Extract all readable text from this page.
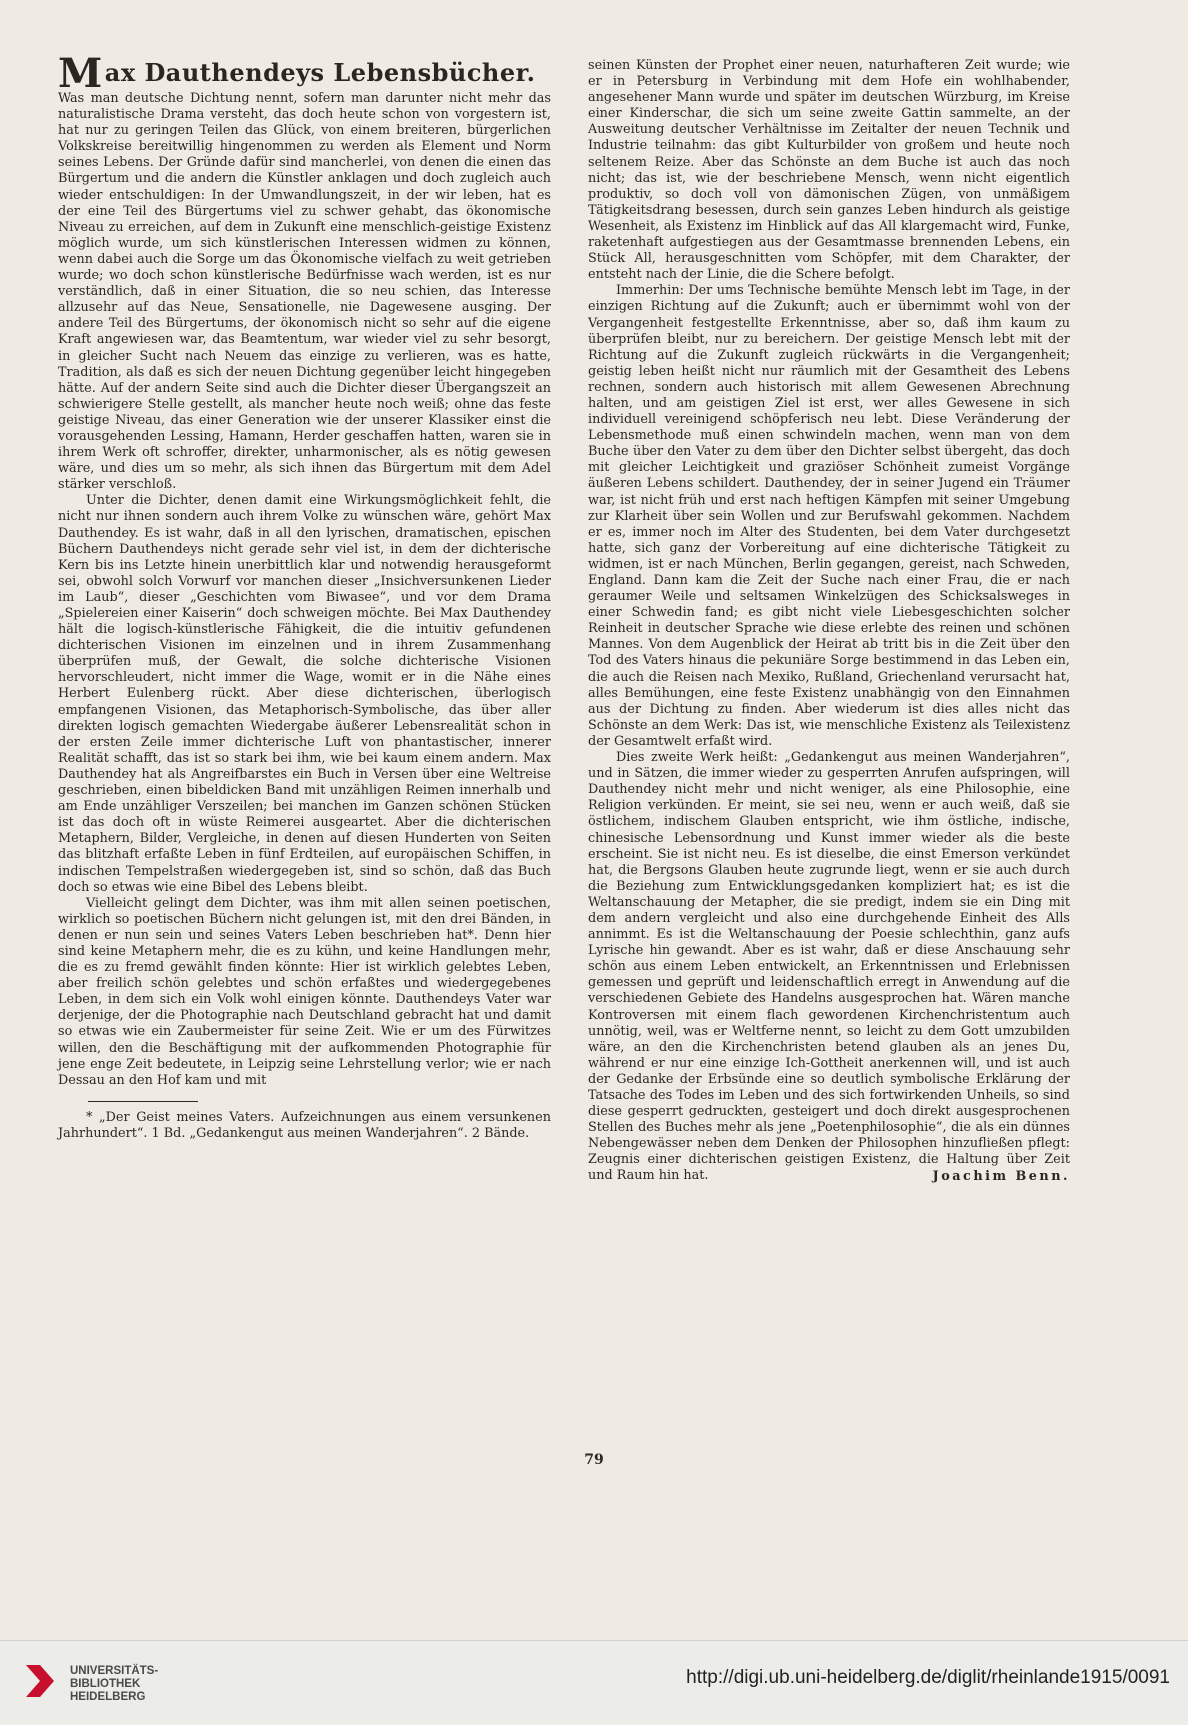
Max Dauthendeys Lebensbücher.

Was man deutsche Dichtung nennt, sofern man darunter nicht mehr das naturalistische Drama versteht, das doch heute schon von vorgestern ist, hat nur zu geringen Teilen das Glück, von einem breiteren, bürgerlichen Volkskreise bereitwillig hingenommen zu werden als Element und Norm seines Lebens. Der Gründe dafür sind mancherlei, von denen die einen das Bürgertum und die andern die Künstler anklagen und doch zugleich auch wieder entschuldigen: In der Umwandlungszeit, in der wir leben, hat es der eine Teil des Bürgertums viel zu schwer gehabt, das ökonomische Niveau zu erreichen, auf dem in Zukunft eine menschlich-geistige Existenz möglich wurde, um sich künstlerischen Interessen widmen zu können, wenn dabei auch die Sorge um das Ökonomische vielfach zu weit getrieben wurde; wo doch schon künstlerische Bedürfnisse wach werden, ist es nur verständlich, daß in einer Situation, die so neu schien, das Interesse allzusehr auf das Neue, Sensationelle, nie Dagewesene ausging. Der andere Teil des Bürgertums, der ökonomisch nicht so sehr auf die eigene Kraft angewiesen war, das Beamtentum, war wieder viel zu sehr besorgt, in gleicher Sucht nach Neuem das einzige zu verlieren, was es hatte, Tradition, als daß es sich der neuen Dichtung gegenüber leicht hingegeben hätte. Auf der andern Seite sind auch die Dichter dieser Übergangszeit an schwierigere Stelle gestellt, als mancher heute noch weiß; ohne das feste geistige Niveau, das einer Generation wie der unserer Klassiker einst die vorausgehenden Lessing, Hamann, Herder geschaffen hatten, waren sie in ihrem Werk oft schroffer, direkter, unharmonischer, als es nötig gewesen wäre, und dies um so mehr, als sich ihnen das Bürgertum mit dem Adel stärker verschloß.

Unter die Dichter, denen damit eine Wirkungsmöglichkeit fehlt, die nicht nur ihnen sondern auch ihrem Volke zu wünschen wäre, gehört Max Dauthendey. Es ist wahr, daß in all den lyrischen, dramatischen, epischen Büchern Dauthendeys nicht gerade sehr viel ist, in dem der dichterische Kern bis ins Letzte hinein unerbittlich klar und notwendig herausgeformt sei, obwohl solch Vorwurf vor manchen dieser „Insichversunkenen Lieder im Laub“, dieser „Geschichten vom Biwasee“, und vor dem Drama „Spielereien einer Kaiserin“ doch schweigen möchte. Bei Max Dauthendey hält die logisch-künstlerische Fähigkeit, die die intuitiv gefundenen dichterischen Visionen im einzelnen und in ihrem Zusammenhang überprüfen muß, der Gewalt, die solche dichterische Visionen hervorschleudert, nicht immer die Wage, womit er in die Nähe eines Herbert Eulenberg rückt. Aber diese dichterischen, überlogisch empfangenen Visionen, das Metaphorisch-Symbolische, das über aller direkten logisch gemachten Wiedergabe äußerer Lebensrealität schon in der ersten Zeile immer dichterische Luft von phantastischer, innerer Realität schafft, das ist so stark bei ihm, wie bei kaum einem andern. Max Dauthendey hat als Angreifbarstes ein Buch in Versen über eine Weltreise geschrieben, einen bibeldicken Band mit unzähligen Reimen innerhalb und am Ende unzähliger Verszeilen; bei manchen im Ganzen schönen Stücken ist das doch oft in wüste Reimerei ausgeartet. Aber die dichterischen Metaphern, Bilder, Vergleiche, in denen auf diesen Hunderten von Seiten das blitzhaft erfaßte Leben in fünf Erdteilen, auf europäischen Schiffen, in indischen Tempelstraßen wiedergegeben ist, sind so schön, daß das Buch doch so etwas wie eine Bibel des Lebens bleibt.

Vielleicht gelingt dem Dichter, was ihm mit allen seinen poetischen, wirklich so poetischen Büchern nicht gelungen ist, mit den drei Bänden, in denen er nun sein und seines Vaters Leben beschrieben hat*. Denn hier sind keine Metaphern mehr, die es zu kühn, und keine Handlungen mehr, die es zu fremd gewählt finden könnte: Hier ist wirklich gelebtes Leben, aber freilich schön gelebtes und schön erfaßtes und wiedergegebenes Leben, in dem sich ein Volk wohl einigen könnte. Dauthendeys Vater war derjenige, der die Photographie nach Deutschland gebracht hat und damit so etwas wie ein Zaubermeister für seine Zeit. Wie er um des Fürwitzes willen, den die Beschäftigung mit der aufkommenden Photographie für jene enge Zeit bedeutete, in Leipzig seine Lehrstellung verlor; wie er nach Dessau an den Hof kam und mit

* „Der Geist meines Vaters. Aufzeichnungen aus einem versunkenen Jahrhundert“. 1 Bd. „Gedankengut aus meinen Wanderjahren“. 2 Bände.

seinen Künsten der Prophet einer neuen, naturhafteren Zeit wurde; wie er in Petersburg in Verbindung mit dem Hofe ein wohlhabender, angesehener Mann wurde und später im deutschen Würzburg, im Kreise einer Kinderschar, die sich um seine zweite Gattin sammelte, an der Ausweitung deutscher Verhältnisse im Zeitalter der neuen Technik und Industrie teilnahm: das gibt Kulturbilder von großem und heute noch seltenem Reize. Aber das Schönste an dem Buche ist auch das noch nicht; das ist, wie der beschriebene Mensch, wenn nicht eigentlich produktiv, so doch voll von dämonischen Zügen, von unmäßigem Tätigkeitsdrang besessen, durch sein ganzes Leben hindurch als geistige Wesenheit, als Existenz im Hinblick auf das All klargemacht wird, Funke, raketenhaft aufgestiegen aus der Gesamtmasse brennenden Lebens, ein Stück All, herausgeschnitten vom Schöpfer, mit dem Charakter, der entsteht nach der Linie, die die Schere befolgt.

Immerhin: Der ums Technische bemühte Mensch lebt im Tage, in der einzigen Richtung auf die Zukunft; auch er übernimmt wohl von der Vergangenheit festgestellte Erkenntnisse, aber so, daß ihm kaum zu überprüfen bleibt, nur zu bereichern. Der geistige Mensch lebt mit der Richtung auf die Zukunft zugleich rückwärts in die Vergangenheit; geistig leben heißt nicht nur räumlich mit der Gesamtheit des Lebens rechnen, sondern auch historisch mit allem Gewesenen Abrechnung halten, und am geistigen Ziel ist erst, wer alles Gewesene in sich individuell vereinigend schöpferisch neu lebt. Diese Veränderung der Lebensmethode muß einen schwindeln machen, wenn man von dem Buche über den Vater zu dem über den Dichter selbst übergeht, das doch mit gleicher Leichtigkeit und graziöser Schönheit zumeist Vorgänge äußeren Lebens schildert. Dauthendey, der in seiner Jugend ein Träumer war, ist nicht früh und erst nach heftigen Kämpfen mit seiner Umgebung zur Klarheit über sein Wollen und zur Berufswahl gekommen. Nachdem er es, immer noch im Alter des Studenten, bei dem Vater durchgesetzt hatte, sich ganz der Vorbereitung auf eine dichterische Tätigkeit zu widmen, ist er nach München, Berlin gegangen, gereist, nach Schweden, England. Dann kam die Zeit der Suche nach einer Frau, die er nach geraumer Weile und seltsamen Winkelzügen des Schicksalsweges in einer Schwedin fand; es gibt nicht viele Liebesgeschichten solcher Reinheit in deutscher Sprache wie diese erlebte des reinen und schönen Mannes. Von dem Augenblick der Heirat ab tritt bis in die Zeit über den Tod des Vaters hinaus die pekuniäre Sorge bestimmend in das Leben ein, die auch die Reisen nach Mexiko, Rußland, Griechenland verursacht hat, alles Bemühungen, eine feste Existenz unabhängig von den Einnahmen aus der Dichtung zu finden. Aber wiederum ist dies alles nicht das Schönste an dem Werk: Das ist, wie menschliche Existenz als Teilexistenz der Gesamtwelt erfaßt wird.

Dies zweite Werk heißt: „Gedankengut aus meinen Wanderjahren“, und in Sätzen, die immer wieder zu gesperrten Anrufen aufspringen, will Dauthendey nicht mehr und nicht weniger, als eine Philosophie, eine Religion verkünden. Er meint, sie sei neu, wenn er auch weiß, daß sie östlichem, indischem Glauben entspricht, wie ihm östliche, indische, chinesische Lebensordnung und Kunst immer wieder als die beste erscheint. Sie ist nicht neu. Es ist dieselbe, die einst Emerson verkündet hat, die Bergsons Glauben heute zugrunde liegt, wenn er sie auch durch die Beziehung zum Entwicklungsgedanken kompliziert hat; es ist die Weltanschauung der Metapher, die sie predigt, indem sie ein Ding mit dem andern vergleicht und also eine durchgehende Einheit des Alls annimmt. Es ist die Weltanschauung der Poesie schlechthin, ganz aufs Lyrische hin gewandt. Aber es ist wahr, daß er diese Anschauung sehr schön aus einem Leben entwickelt, an Erkenntnissen und Erlebnissen gemessen und geprüft und leidenschaftlich erregt in Anwendung auf die verschiedenen Gebiete des Handelns ausgesprochen hat. Wären manche Kontroversen mit einem flach gewordenen Kirchenchristentum auch unnötig, weil, was er Weltferne nennt, so leicht zu dem Gott umzubilden wäre, an den die Kirchenchristen betend glauben als an jenes Du, während er nur eine einzige Ich-Gottheit anerkennen will, und ist auch der Gedanke der Erbsünde eine so deutlich symbolische Erklärung der Tatsache des Todes im Leben und des sich fortwirkenden Unheils, so sind diese gesperrt gedruckten, gesteigert und doch direkt ausgesprochenen Stellen des Buches mehr als jene „Poetenphilosophie“, die als ein dünnes Nebengewässer neben dem Denken der Philosophen hinzufließen pflegt: Zeugnis einer dichterischen geistigen Existenz, die Haltung über Zeit und Raum hin hat.	Joachim Benn.
79
UNIVERSITÄTS-
BIBLIOTHEK
HEIDELBERG
http://digi.ub.uni-heidelberg.de/diglit/rheinlande1915/0091
